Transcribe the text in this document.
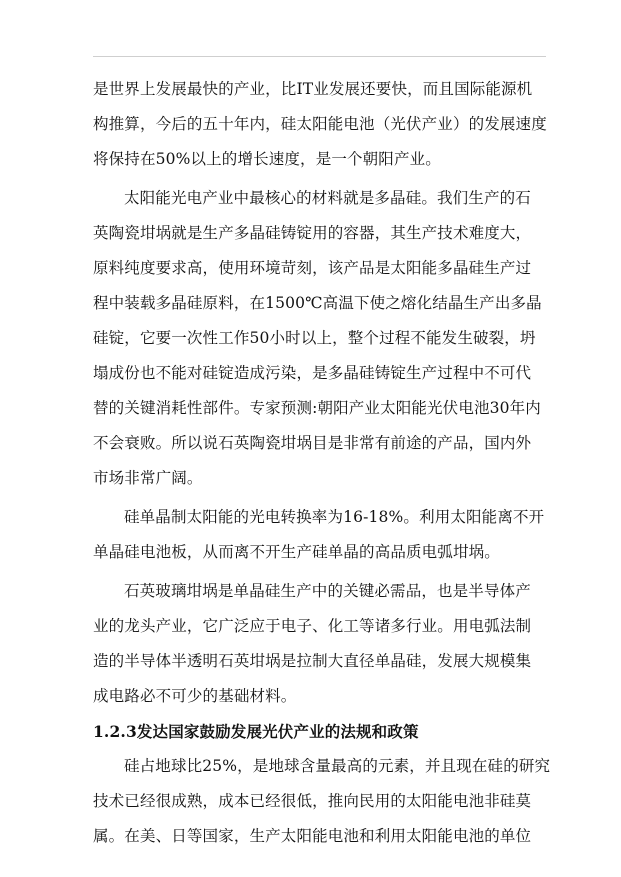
是世界上发展最快的产业，比IT业发展还要快，而且国际能源机
构推算，今后的五十年内，硅太阳能电池（光伏产业）的发展速度
将保持在50%以上的增长速度，是一个朝阳产业。
太阳能光电产业中最核心的材料就是多晶硅。我们生产的石
英陶瓷坩埚就是生产多晶硅铸锭用的容器，其生产技术难度大，
原料纯度要求高，使用环境苛刻，该产品是太阳能多晶硅生产过
程中装载多晶硅原料，在1500℃高温下使之熔化结晶生产出多晶
硅锭，它要一次性工作50小时以上，整个过程不能发生破裂，坍
塌成份也不能对硅锭造成污染，是多晶硅铸锭生产过程中不可代
替的关键消耗性部件。专家预测:朝阳产业太阳能光伏电池30年内
不会衰败。所以说石英陶瓷坩埚目是非常有前途的产品，国内外
市场非常广阔。
硅单晶制太阳能的光电转换率为16-18%。利用太阳能离不开
单晶硅电池板，从而离不开生产硅单晶的高品质电弧坩埚。
石英玻璃坩埚是单晶硅生产中的关键必需品，也是半导体产
业的龙头产业，它广泛应于电子、化工等诸多行业。用电弧法制
造的半导体半透明石英坩埚是拉制大直径单晶硅，发展大规模集
成电路必不可少的基础材料。
1.2.3发达国家鼓励发展光伏产业的法规和政策
硅占地球比25%，是地球含量最高的元素，并且现在硅的研究
技术已经很成熟，成本已经很低，推向民用的太阳能电池非硅莫
属。在美、日等国家，生产太阳能电池和利用太阳能电池的单位
